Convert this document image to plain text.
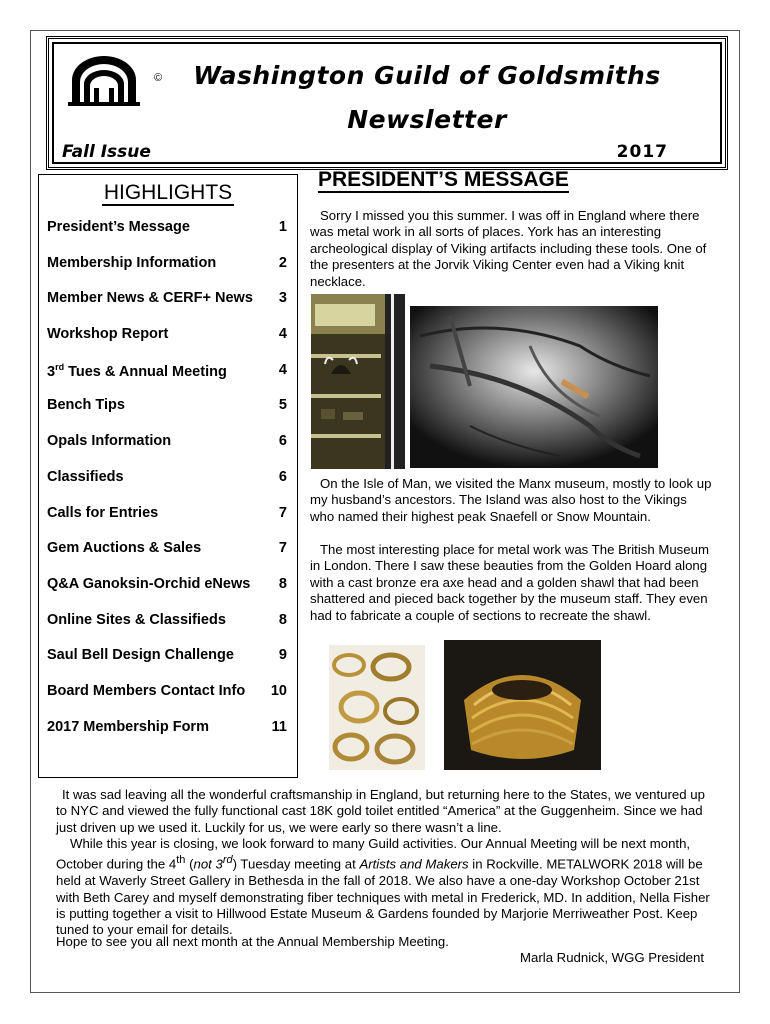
©	Washington Guild of Goldsmiths
Newsletter
Fall Issue	2017
HIGHLIGHTS
President’s Message	1
Membership Information	2
Member News & CERF+ News 3
Workshop Report	4
3rd Tues & Annual Meeting	4
Bench Tips	5
Opals Information	6
Classifieds	6
Calls for Entries	7
Gem Auctions & Sales	7
Q&A Ganoksin-Orchid eNews 8
Online Sites & Classifieds	8
Saul Bell Design Challenge	9
Board Members Contact Info 10
2017 Membership Form	11
PRESIDENT’S MESSAGE

Sorry I missed you this summer. I was off in England where there was metal work in all sorts of places. York has an interesting archeological display of Viking artifacts including these tools. One of the presenters at the Jorvik Viking Center even had a Viking knit necklace.

On the Isle of Man, we visited the Manx museum, mostly to look up my husband’s ancestors. The Island was also host to the Vikings who named their highest peak Snaefell or Snow Mountain.

The most interesting place for metal work was The British Museum in London. There I saw these beauties from the Golden Hoard along with a cast bronze era axe head and a golden shawl that had been shattered and pieced back together by the museum staff. They even had to fabricate a couple of sections to recreate the shawl.

It was sad leaving all the wonderful craftsmanship in England, but returning here to the States, we ventured up to NYC and viewed the fully functional cast 18K gold toilet entitled “America” at the Guggenheim. Since we had just driven up we used it. Luckily for us, we were early so there wasn’t a line.

While this year is closing, we look forward to many Guild activities. Our Annual Meeting will be next month, October during the 4th (not 3rd) Tuesday meeting at Artists and Makers in Rockville. METALWORK 2018 will be held at Waverly Street Gallery in Bethesda in the fall of 2018. We also have a one-day Workshop October 21st with Beth Carey and myself demonstrating fiber techniques with metal in Frederick, MD. In addition, Nella Fisher is putting together a visit to Hillwood Estate Museum & Gardens founded by Marjorie Merriweather Post. Keep tuned to your email for details.

Hope to see you all next month at the Annual Membership Meeting.

Marla Rudnick, WGG President
